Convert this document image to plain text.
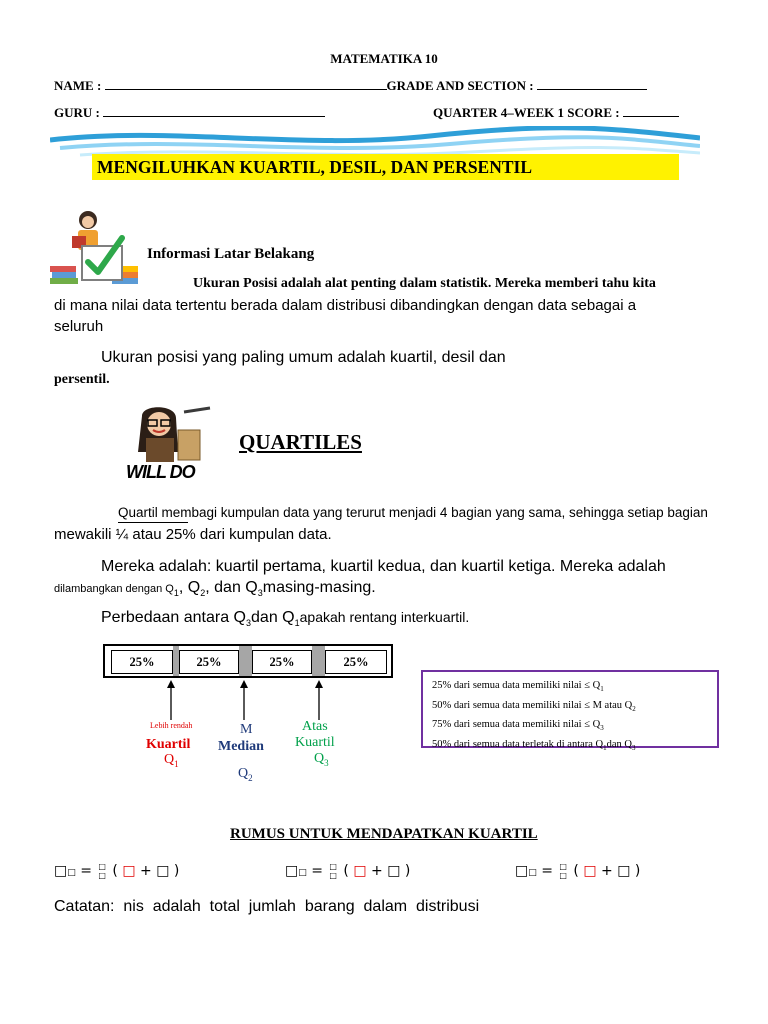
MATEMATIKA 10
NAME :	GRADE AND SECTION :
GURU :	QUARTER 4–WEEK 1 SCORE :
MENGILUHKAN KUARTIL, DESIL, DAN PERSENTIL
Informasi Latar Belakang
Ukuran Posisi adalah alat penting dalam statistik. Mereka memberi tahu kita
di mana nilai data tertentu berada dalam distribusi dibandingkan dengan data sebagai a
seluruh
Ukuran posisi yang paling umum adalah kuartil, desil dan
persentil.
WILL DO
QUARTILES
Quartil membagi kumpulan data yang terurut menjadi 4 bagian yang sama, sehingga setiap bagian
mewakili ¼ atau 25% dari kumpulan data.
Mereka adalah: kuartil pertama, kuartil kedua, dan kuartil ketiga. Mereka adalah
dilambangkan dengan $Q_1$, $Q_2$, dan $Q_3masing$-masing.
Perbedaan antara $Q_3dan$ $Q_1apakah$ rentang interkuartil.
25%	25%	25%	25%
Lebih rendah
Kuartil
$Q_1$
M
Median
$Q_2$
Atas
Kuartil
$Q_3$
25% dari semua data memiliki nilai ≤ $Q_1$
50% dari semua data memiliki nilai ≤ M atau $Q_2$
75% dari semua data memiliki nilai ≤ $Q_3$
50% dari semua data terletak di antara $Q_1dan$ $Q_3$
RUMUS UNTUK MENDAPATKAN KUARTIL
□□ = □
□ ( □ + □ )	□□ = □
□ ( □ + □ )	□□ = □
□ ( □ + □ )
Catatan:  nis  adalah  total  jumlah  barang  dalam  distribusi
